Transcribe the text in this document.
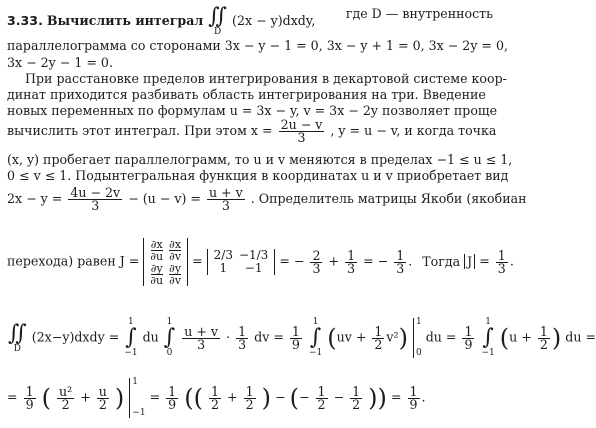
3.33. Вычислить интеграл ∬
D
(2x − y)dxdy, где D — внутренность
параллелограмма со сторонами 3x − y − 1 = 0, 3x − y + 1 = 0, 3x − 2y = 0,
3x − 2y − 1 = 0.
При расстановке пределов интегрирования в декартовой системе коор-
динат приходится разбивать область интегрирования на три. Введение
новых переменных по формулам u = 3x − y, v = 3x − 2y позволяет проще
вычислить этот интеграл. При этом $x = \frac{2u - v}{3}$ , y = u − v, и когда точка
(x, y) пробегает параллелограмм, то u и v меняются в пределах −1 ≤ u ≤ 1,
0 ≤ v ≤ 1. Подынтегральная функция в координатах u и v приобретает вид
$2x - y = \frac{4u - 2v}{3} - (u - v) = \frac{u + v}{3}$ . Определитель матрицы Якоби (якобиан
перехода) равен $J = \frac{\partial x}{\partial u}$	$\frac{\partial x}{\partial v}$

$\frac{\partial y}{\partial u}$	$\frac{\partial y}{\partial v}$
= 2/3	−1/3
1	−1 = − $\frac{2}{3} + \frac{1}{3}$ = − $\frac{1}{3}$ . Тогда $J = \frac{1}{3}$ .
∬
D
(2x−y)dxdy =
1
∫
−1
du
1
∫
0

$\frac{u + v}{3} \cdot \frac{1}{3}$ dv = $\frac{1}{9}$

1
∫
−1
$(uv + \frac{1}{2} v^2)$
1
0
du = $\frac{1}{9}$

1
∫
−1
($u + \frac{1}{2}$ ) du =
= $\frac{1}{9}$ ( $\frac{\text{u²}}{2} + \frac{u}{2}$ )
1
−1
= $\frac{1}{9}$ (( $\frac{1}{2} + \frac{1}{2}$ ) − (− $\frac{1}{2} - \frac{1}{2}$ )) = $\frac{1}{9}$ .
